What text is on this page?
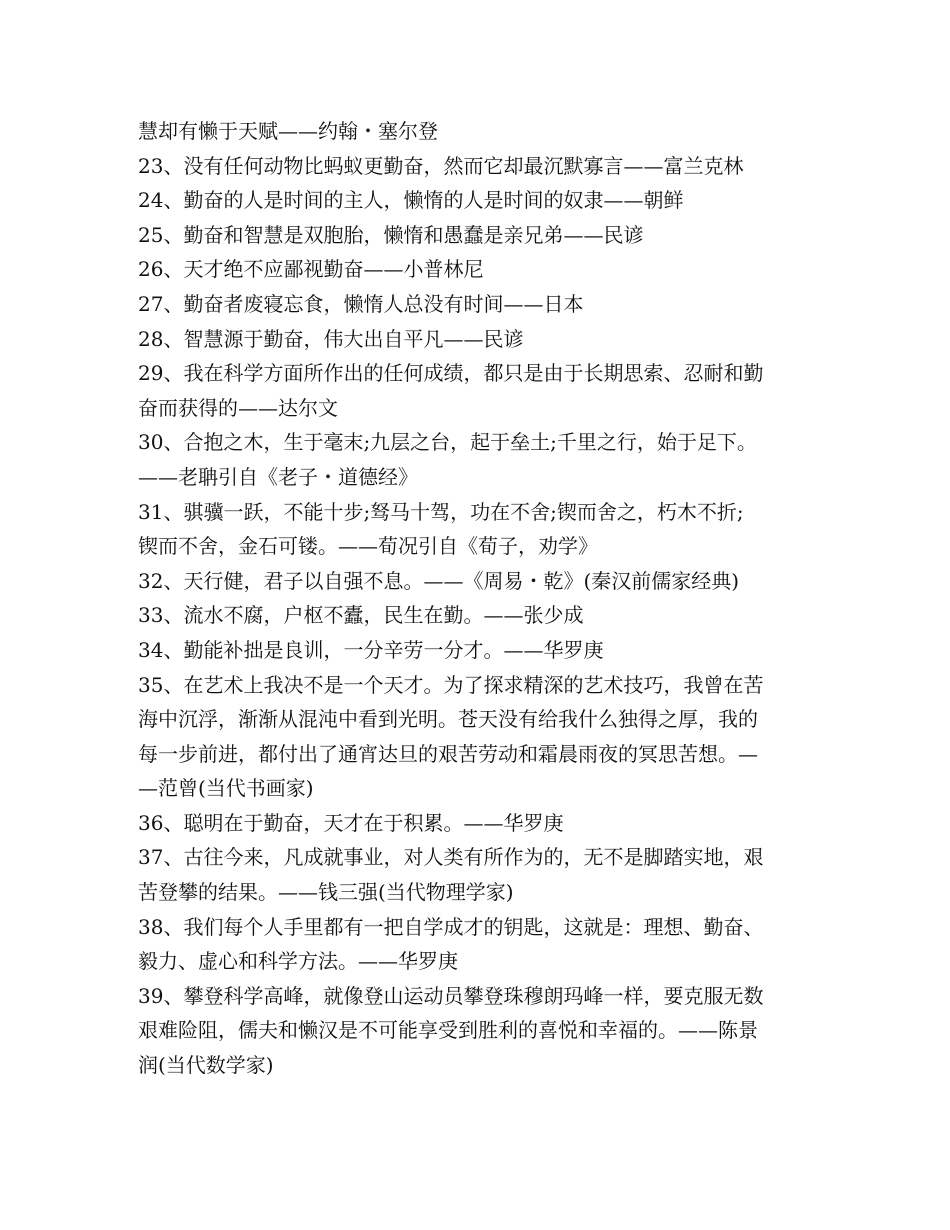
慧却有懒于天赋——约翰・塞尔登
23、没有任何动物比蚂蚁更勤奋，然而它却最沉默寡言——富兰克林
24、勤奋的人是时间的主人，懒惰的人是时间的奴隶——朝鲜
25、勤奋和智慧是双胞胎，懒惰和愚蠢是亲兄弟——民谚
26、天才绝不应鄙视勤奋——小普林尼
27、勤奋者废寝忘食，懒惰人总没有时间——日本
28、智慧源于勤奋，伟大出自平凡——民谚
29、我在科学方面所作出的任何成绩，都只是由于长期思索、忍耐和勤
奋而获得的——达尔文
30、合抱之木，生于毫末;九层之台，起于垒土;千里之行，始于足下。
——老聃引自《老子・道德经》
31、骐骥一跃，不能十步;驽马十驾，功在不舍;锲而舍之，朽木不折;
锲而不舍，金石可镂。——荀况引自《荀子，劝学》
32、天行健，君子以自强不息。——《周易・乾》(秦汉前儒家经典)
33、流水不腐，户枢不蠹，民生在勤。——张少成
34、勤能补拙是良训，一分辛劳一分才。——华罗庚
35、在艺术上我决不是一个天才。为了探求精深的艺术技巧，我曾在苦
海中沉浮，渐渐从混沌中看到光明。苍天没有给我什么独得之厚，我的
每一步前进，都付出了通宵达旦的艰苦劳动和霜晨雨夜的冥思苦想。—
—范曾(当代书画家)
36、聪明在于勤奋，天才在于积累。——华罗庚
37、古往今来，凡成就事业，对人类有所作为的，无不是脚踏实地，艰
苦登攀的结果。——钱三强(当代物理学家)
38、我们每个人手里都有一把自学成才的钥匙，这就是：理想、勤奋、
毅力、虚心和科学方法。——华罗庚
39、攀登科学高峰，就像登山运动员攀登珠穆朗玛峰一样，要克服无数
艰难险阻，儒夫和懒汉是不可能享受到胜利的喜悦和幸福的。——陈景
润(当代数学家)
